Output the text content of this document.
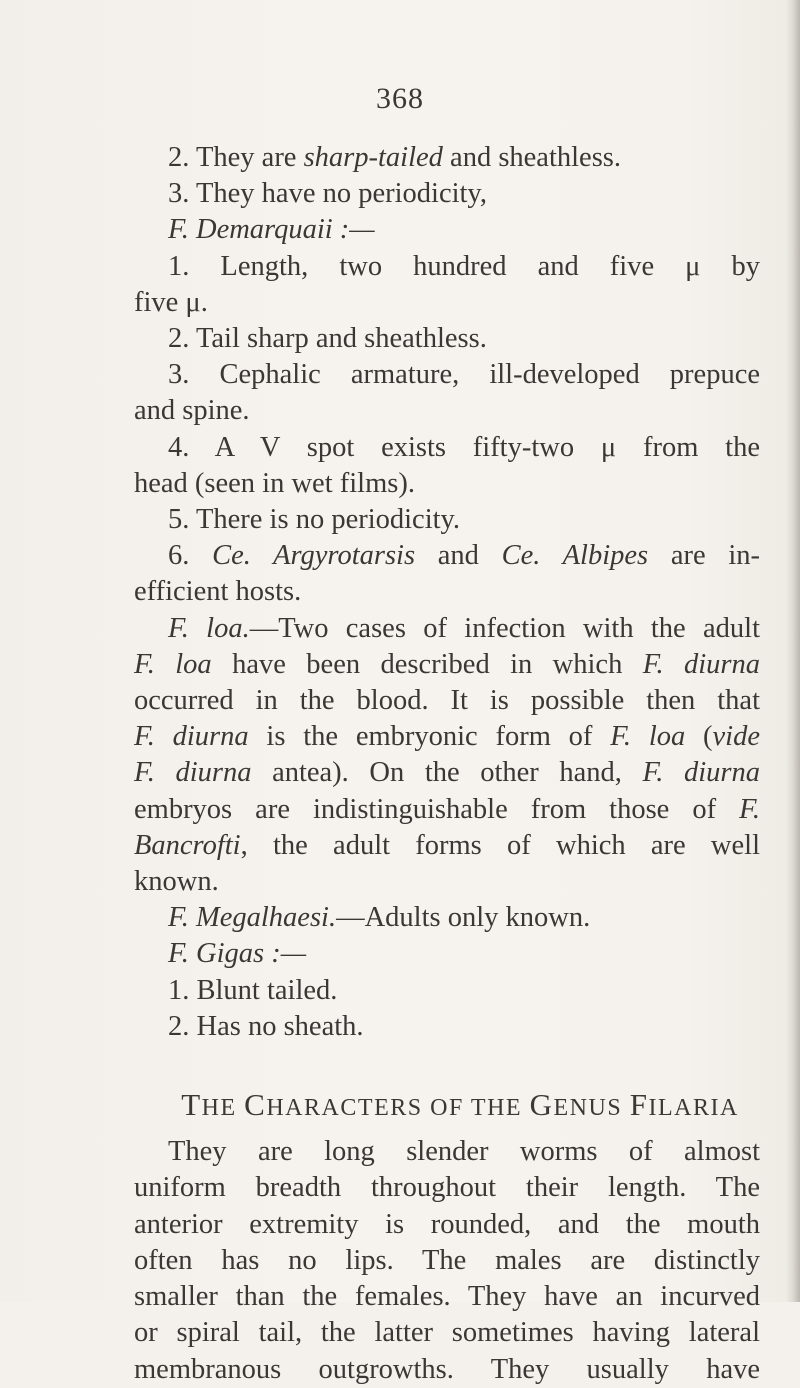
368
2. They are sharp-tailed and sheathless.
3. They have no periodicity,
F. Demarquaii :—
1. Length, two hundred and five μ by
five μ.
2. Tail sharp and sheathless.
3. Cephalic armature, ill-developed prepuce
and spine.
4. A V spot exists fifty-two μ from the
head (seen in wet films).
5. There is no periodicity.
6. Ce. Argyrotarsis and Ce. Albipes are in-
efficient hosts.
F. loa.—Two cases of infection with the adult
F. loa have been described in which F. diurna
occurred in the blood. It is possible then that
F. diurna is the embryonic form of F. loa (vide
F. diurna antea). On the other hand, F. diurna
embryos are indistinguishable from those of F.
Bancrofti, the adult forms of which are well
known.
F. Megalhaesi.—Adults only known.
F. Gigas :—
1. Blunt tailed.
2. Has no sheath.
THE CHARACTERS OF THE GENUS FILARIA
They are long slender worms of almost
uniform breadth throughout their length. The
anterior extremity is rounded, and the mouth
often has no lips. The males are distinctly
smaller than the females. They have an incurved
or spiral tail, the latter sometimes having lateral
membranous outgrowths. They usually have
